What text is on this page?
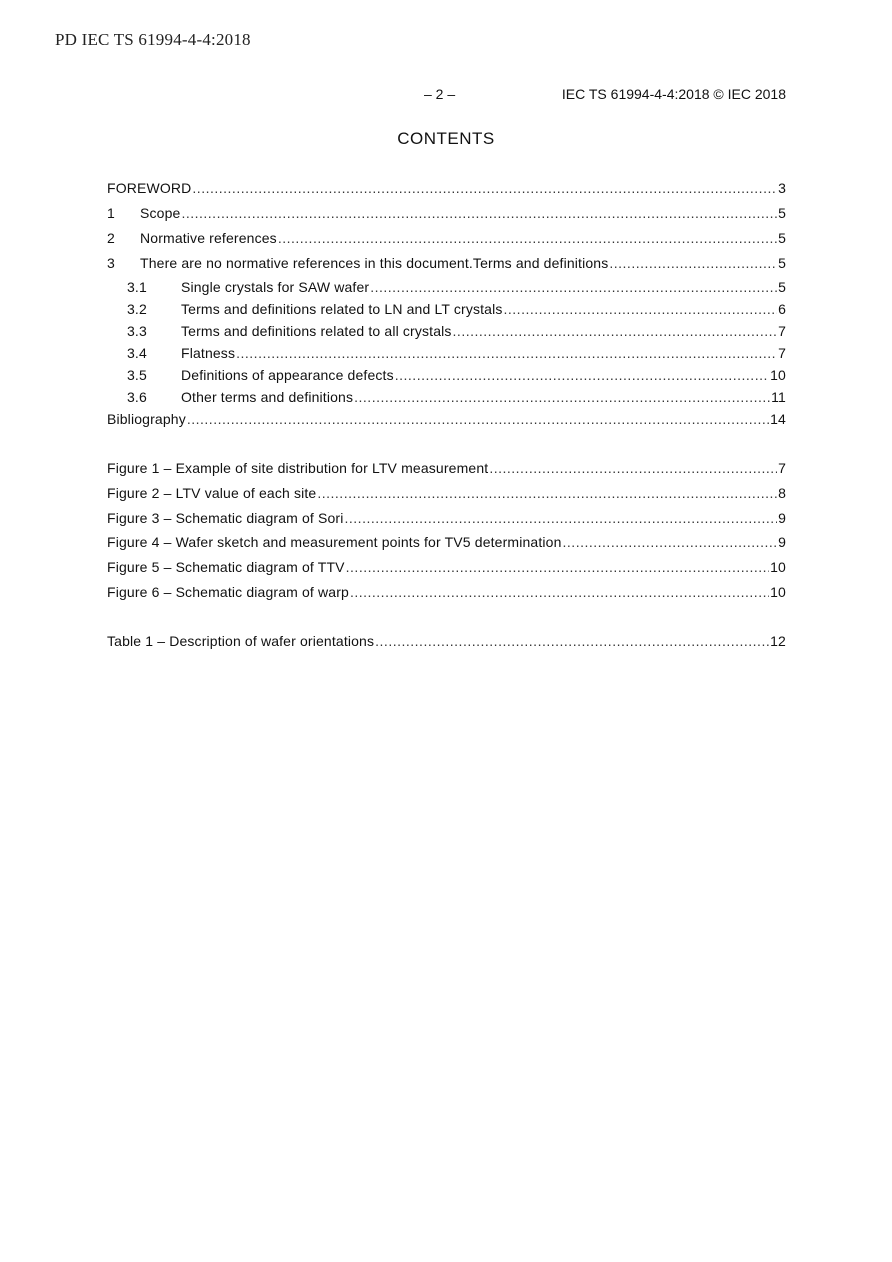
PD IEC TS 61994-4-4:2018
– 2 –	IEC TS 61994-4-4:2018 © IEC 2018
CONTENTS
FOREWORD .....	3
1	Scope .....	5
2	Normative references .....	5
3	There are no normative references in this document.Terms and definitions .....	5
3.1	Single crystals for SAW wafer .....	5
3.2	Terms and definitions related to LN and LT crystals .....	6
3.3	Terms and definitions related to all crystals .....	7
3.4	Flatness .....	7
3.5	Definitions of appearance defects .....	10
3.6	Other terms and definitions .....	11
Bibliography .....	14
Figure 1 – Example of site distribution for LTV measurement .....	7
Figure 2 – LTV value of each site .....	8
Figure 3 – Schematic diagram of Sori .....	9
Figure 4 – Wafer sketch and measurement points for TV5 determination .....	9
Figure 5 – Schematic diagram of TTV .....	10
Figure 6 – Schematic diagram of warp .....	10
Table 1 – Description of wafer orientations .....	12
